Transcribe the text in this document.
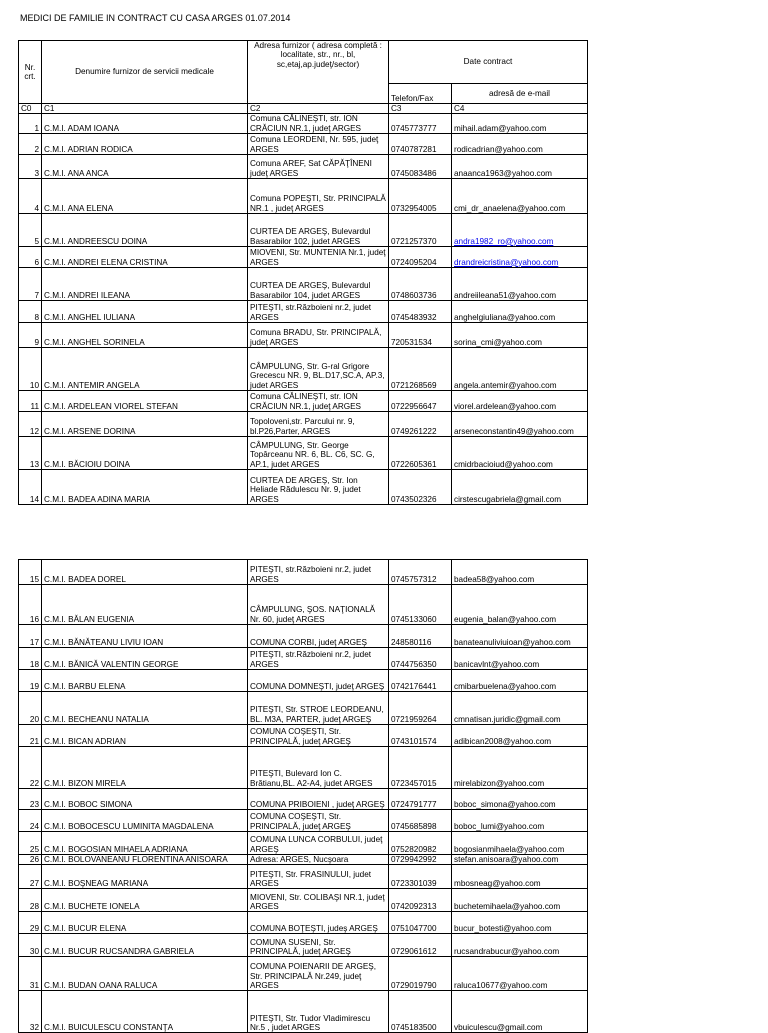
MEDICI DE FAMILIE IN CONTRACT CU CASA ARGES 01.07.2014
Nr. crt.	Denumire furnizor de servicii medicale	Adresa furnizor ( adresa completă : localitate, str., nr., bl, sc,etaj,ap.judeţ/sector)	Date contract	
			Telefon/Fax	adresă de e-mail
C0	C1	C2	C3	C4
1	C.M.I. ADAM IOANA	Comuna CĂLINEŞTI, str. ION CRĂCIUN NR.1, judeţ ARGES	0745773777	mihail.adam@yahoo.com
2	C.M.I. ADRIAN RODICA	Comuna LEORDENI, Nr. 595, judeţ ARGES	0740787281	rodicadrian@yahoo.com
3	C.M.I. ANA ANCA	Comuna AREF, Sat CĂPĂŢÎNENI judeţ ARGES	0745083486	anaanca1963@yahoo.com
4	C.M.I. ANA ELENA	Comuna POPEŞTI, Str. PRINCIPALĂ NR.1 , judeţ ARGES	0732954005	cmi_dr_anaelena@yahoo.com
5	C.M.I. ANDREESCU DOINA	CURTEA DE ARGEŞ, Bulevardul Basarabilor 102, judet ARGES	0721257370	andra1982_ro@yahoo.com
6	C.M.I. ANDREI ELENA CRISTINA	MIOVENI, Str. MUNTENIA Nr.1, judeţ ARGES	0724095204	drandreicristina@yahoo.com
7	C.M.I. ANDREI ILEANA	CURTEA DE ARGEŞ, Bulevardul Basarabilor 104, judet ARGES	0748603736	andreiileana51@yahoo.com
8	C.M.I. ANGHEL IULIANA	PITEŞTI, str.Războieni nr.2, judet ARGES	0745483932	anghelgiuliana@yahoo.com
9	C.M.I. ANGHEL SORINELA	Comuna BRADU, Str. PRINCIPALĂ, judeţ ARGES	720531534	sorina_cmi@yahoo.com
10	C.M.I. ANTEMIR ANGELA	CÂMPULUNG, Str. G-ral Grigore Grecescu NR. 9, BL.D17,SC.A, AP.3, judet ARGES	0721268569	angela.antemir@yahoo.com
11	C.M.I. ARDELEAN VIOREL STEFAN	Comuna CĂLINEŞTI, str. ION CRĂCIUN NR.1, judeţ ARGES	0722956647	viorel.ardelean@yahoo.com
12	C.M.I. ARSENE DORINA	Topoloveni,str. Parcului nr. 9, bl.P26,Parter, ARGES	0749261222	arseneconstantin49@yahoo.com
13	C.M.I. BĂCIOIU DOINA	CÂMPULUNG, Str. George Topârceanu NR. 6, BL. C6, SC. G, AP.1, judet ARGES	0722605361	cmidrbacioiud@yahoo.com
14	C.M.I. BADEA ADINA MARIA	CURTEA DE ARGEŞ, Str. Ion Heliade Rădulescu Nr. 9, judet ARGES	0743502326	cirstescugabriela@gmail.com
15	C.M.I. BADEA DOREL	PITEŞTI, str.Războieni nr.2, judet ARGES	0745757312	badea58@yahoo.com
16	C.M.I. BĂLAN EUGENIA	CÂMPULUNG, ŞOS. NAŢIONALĂ Nr. 60, judeţ ARGES	0745133060	eugenia_balan@yahoo.com
17	C.M.I. BĂNĂTEANU LIVIU IOAN	COMUNA CORBI, judeţ ARGEŞ	248580116	banateanuliviuioan@yahoo.com
18	C.M.I. BĂNICĂ VALENTIN GEORGE	PITEŞTI, str.Războieni nr.2, judet ARGES	0744756350	banicavlnt@yahoo.com
19	C.M.I. BARBU ELENA	COMUNA DOMNEŞTI, judeţ ARGEŞ	0742176441	cmibarbuelena@yahoo.com
20	C.M.I. BECHEANU NATALIA	PITEŞTI, Str. STROE LEORDEANU, BL. M3A, PARTER, judeţ ARGEŞ	0721959264	cmnatisan.juridic@gmail.com
21	C.M.I. BICAN ADRIAN	COMUNA COŞEŞTI, Str. PRINCIPALĂ, judeţ ARGEŞ	0743101574	adibican2008@yahoo.com
22	C.M.I. BIZON MIRELA	PITEŞTI, Bulevard Ion C. Brătianu,BL. A2-A4, judet ARGES	0723457015	mirelabizon@yahoo.com
23	C.M.I. BOBOC SIMONA	COMUNA PRIBOIENI , judeţ ARGEŞ	0724791777	boboc_simona@yahoo.com
24	C.M.I. BOBOCESCU LUMINITA MAGDALENA	COMUNA COŞEŞTI, Str. PRINCIPALĂ, judeţ ARGEŞ	0745685898	boboc_lumi@yahoo.com
25	C.M.I. BOGOSIAN MIHAELA ADRIANA	COMUNA LUNCA CORBULUI, judeţ ARGEŞ	0752820982	bogosianmihaela@yahoo.com
26	C.M.I. BOLOVANEANU FLORENTINA ANISOARA	Adresa: ARGES, Nucşoara	0729942992	stefan.anisoara@yahoo.com
27	C.M.I. BOŞNEAG MARIANA	PITEŞTI, Str. FRASINULUI, judet ARGES	0723301039	mbosneag@yahoo.com
28	C.M.I. BUCHETE IONELA	MIOVENI, Str. COLIBAŞI NR.1, judeţ ARGES	0742092313	buchetemihaela@yahoo.com
29	C.M.I. BUCUR ELENA	COMUNA BOŢEŞTI, judeş ARGEŞ	0751047700	bucur_botesti@yahoo.com
30	C.M.I. BUCUR RUCSANDRA GABRIELA	COMUNA SUSENI, Str. PRINCIPALĂ, judeţ ARGEŞ	0729061612	rucsandrabucur@yahoo.com
31	C.M.I. BUDAN OANA RALUCA	COMUNA POIENARII DE ARGEŞ, Str. PRINCIPALĂ Nr.249, judeţ ARGES	0729019790	raluca10677@yahoo.com
32	C.M.I. BUICULESCU CONSTANŢA	PITEŞTI, Str. Tudor Vladimirescu Nr.5 , judet ARGES	0745183500	vbuiculescu@gmail.com
